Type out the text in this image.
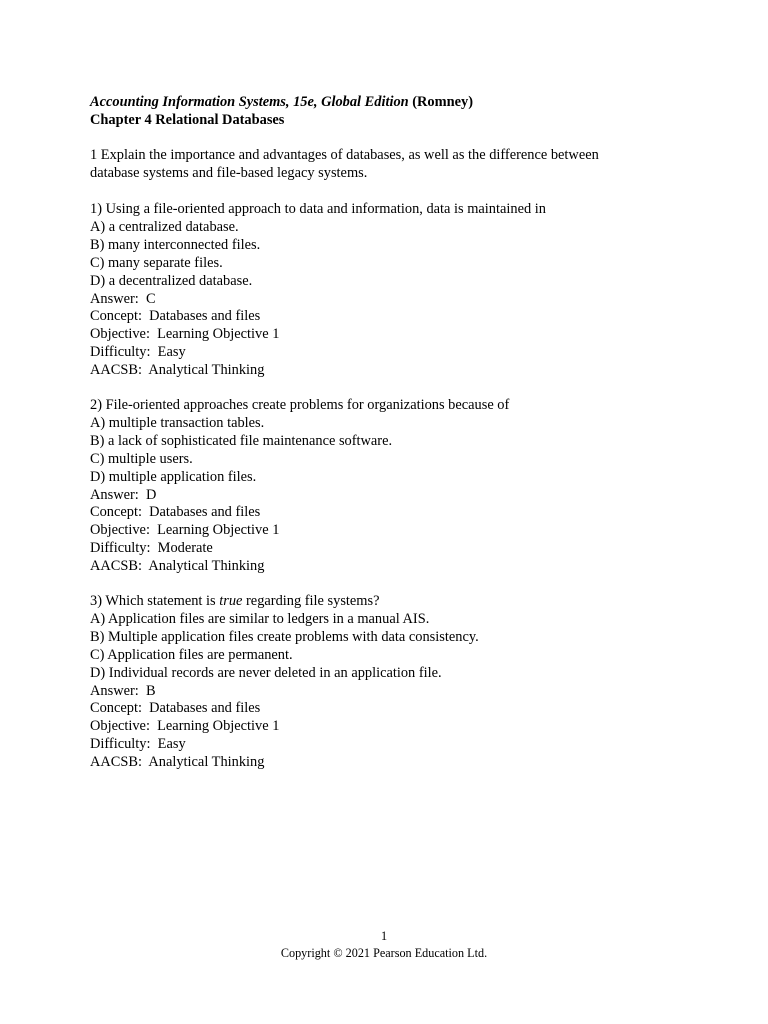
Accounting Information Systems, 15e, Global Edition (Romney)
Chapter 4 Relational Databases
1 Explain the importance and advantages of databases, as well as the difference between database systems and file-based legacy systems.
1) Using a file-oriented approach to data and information, data is maintained in
A) a centralized database.
B) many interconnected files.
C) many separate files.
D) a decentralized database.
Answer:  C
Concept:  Databases and files
Objective:  Learning Objective 1
Difficulty:  Easy
AACSB:  Analytical Thinking
2) File-oriented approaches create problems for organizations because of
A) multiple transaction tables.
B) a lack of sophisticated file maintenance software.
C) multiple users.
D) multiple application files.
Answer:  D
Concept:  Databases and files
Objective:  Learning Objective 1
Difficulty:  Moderate
AACSB:  Analytical Thinking
3) Which statement is true regarding file systems?
A) Application files are similar to ledgers in a manual AIS.
B) Multiple application files create problems with data consistency.
C) Application files are permanent.
D) Individual records are never deleted in an application file.
Answer:  B
Concept:  Databases and files
Objective:  Learning Objective 1
Difficulty:  Easy
AACSB:  Analytical Thinking
1
Copyright © 2021 Pearson Education Ltd.
